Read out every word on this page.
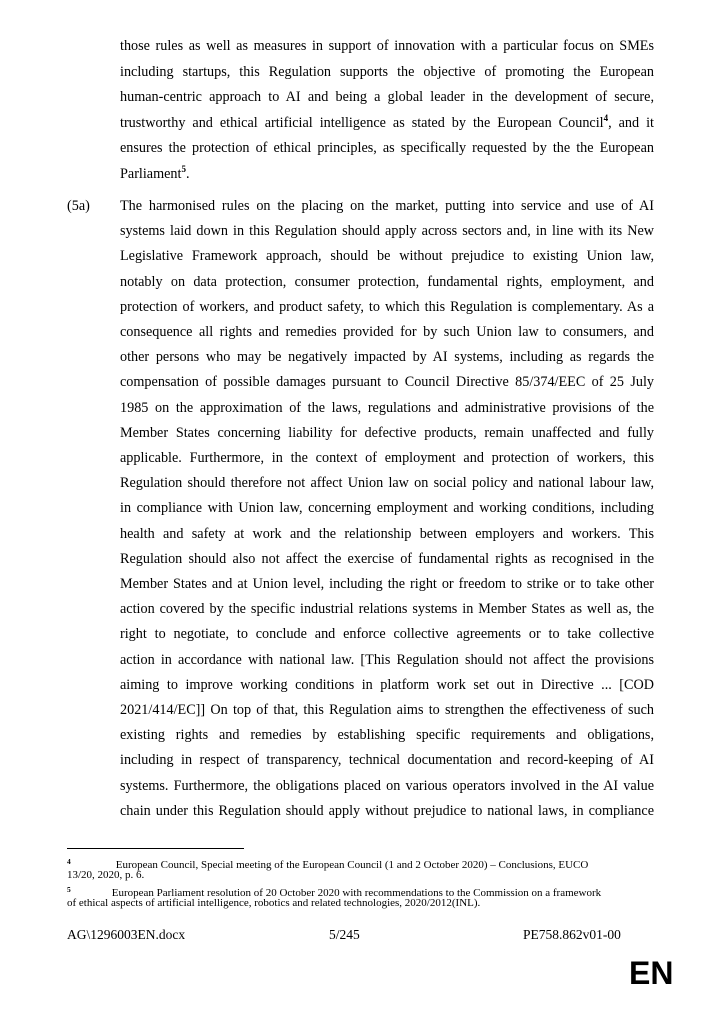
those rules as well as measures in support of innovation with a particular focus on SMEs
including startups, this Regulation supports the objective of promoting the European
human-centric approach to AI and being a global leader in the development of secure,
trustworthy and ethical artificial intelligence as stated by the European Council$^4$, and it
ensures the protection of ethical principles, as specifically requested by the the European
Parliament$^5$.
(5a) The harmonised rules on the placing on the market, putting into service and use of AI
systems laid down in this Regulation should apply across sectors and, in line with its New
Legislative Framework approach, should be without prejudice to existing Union law,
notably on data protection, consumer protection, fundamental rights, employment, and
protection of workers, and product safety, to which this Regulation is complementary. As a
consequence all rights and remedies provided for by such Union law to consumers, and
other persons who may be negatively impacted by AI systems, including as regards the
compensation of possible damages pursuant to Council Directive 85/374/EEC of 25 July
1985 on the approximation of the laws, regulations and administrative provisions of the
Member States concerning liability for defective products, remain unaffected and fully
applicable. Furthermore, in the context of employment and protection of workers, this
Regulation should therefore not affect Union law on social policy and national labour law,
in compliance with Union law, concerning employment and working conditions, including
health and safety at work and the relationship between employers and workers. This
Regulation should also not affect the exercise of fundamental rights as recognised in the
Member States and at Union level, including the right or freedom to strike or to take other
action covered by the specific industrial relations systems in Member States as well as, the
right to negotiate, to conclude and enforce collective agreements or to take collective
action in accordance with national law. [This Regulation should not affect the provisions
aiming to improve working conditions in platform work set out in Directive ... [COD
2021/414/EC]] On top of that, this Regulation aims to strengthen the effectiveness of such
existing rights and remedies by establishing specific requirements and obligations,
including in respect of transparency, technical documentation and record-keeping of AI
systems. Furthermore, the obligations placed on various operators involved in the AI value
chain under this Regulation should apply without prejudice to national laws, in compliance
$^4$	European Council, Special meeting of the European Council (1 and 2 October 2020) – Conclusions, EUCO
13/20, 2020, p. 6.
$^5$	European Parliament resolution of 20 October 2020 with recommendations to the Commission on a framework
of ethical aspects of artificial intelligence, robotics and related technologies, 2020/2012(INL).
AG\1296003EN.docx	5/245	PE758.862v01-00
EN
